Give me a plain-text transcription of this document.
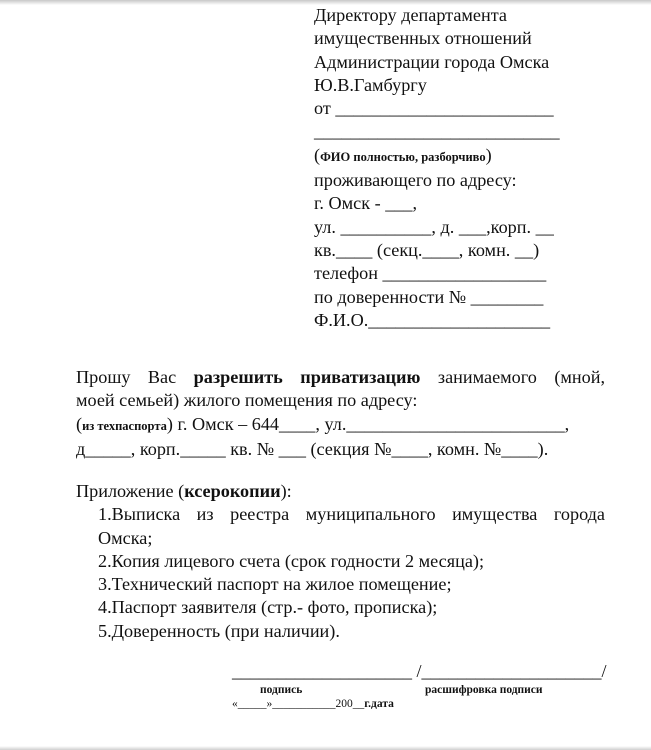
Директору департамента
имущественных отношений
Администрации города Омска
Ю.В.Гамбургу
от ________________________
___________________________
(ФИО полностью, разборчиво)
проживающего по адресу:
г. Омск - ___,
ул. __________, д. ___,корп. __
кв.____ (секц.____, комн. __)
телефон __________________
по доверенности № ________
Ф.И.О.____________________
Прошу Вас разрешить приватизацию занимаемого (мной,
моей семьей) жилого помещения по адресу:
(из техпаспорта) г. Омск – 644____, ул.________________________,
д_____, корп._____ кв. № ___ (секция №____, комн. №____).
Приложение (ксерокопии):
1.Выписка из реестра муниципального имущества города
Омска;
2.Копия лицевого счета (срок годности 2 месяца);
3.Технический паспорт на жилое помещение;
4.Паспорт заявителя (стр.- фото, прописка);
5.Доверенность (при наличии).
____________________ /____________________/
подпись	расшифровка подписи
«_____»___________200__г.дата
